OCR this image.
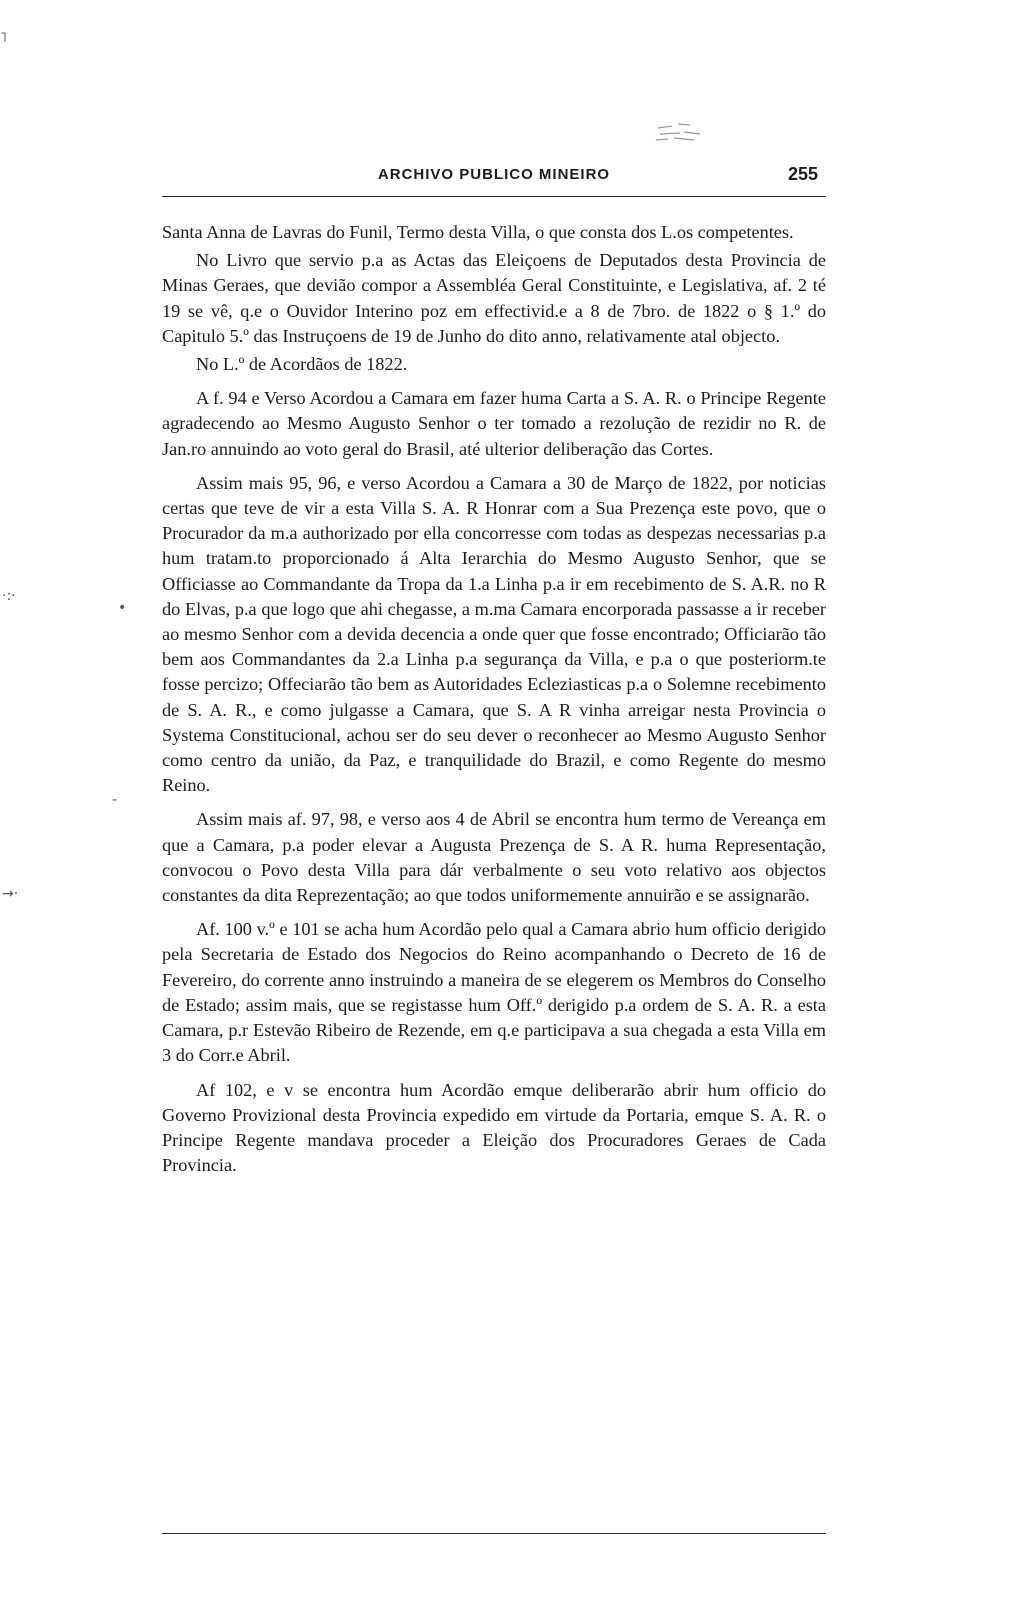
˥
·:·
-
→·
•
ARCHIVO PUBLICO MINEIRO	255

Santa Anna de Lavras do Funil, Termo desta Villa, o que consta dos L.os competentes.

No Livro que servio p.a as Actas das Eleiçoens de Deputados desta Provincia de Minas Geraes, que devião compor a Assembléa Geral Constituinte, e Legislativa, af. 2 té 19 se vê, q.e o Ouvidor Interino poz em effectivid.e a 8 de 7bro. de 1822 o § 1.º do Capitulo 5.º das Instruçoens de 19 de Junho do dito anno, relativamente atal objecto.

No L.º de Acordãos de 1822.

A f. 94 e Verso Acordou a Camara em fazer huma Carta a S. A. R. o Principe Regente agradecendo ao Mesmo Augusto Senhor o ter tomado a rezolução de rezidir no R. de Jan.ro annuindo ao voto geral do Brasil, até ulterior deliberação das Cortes.

Assim mais 95, 96, e verso Acordou a Camara a 30 de Março de 1822, por noticias certas que teve de vir a esta Villa S. A. R Honrar com a Sua Prezença este povo, que o Procurador da m.a authorizado por ella concorresse com todas as despezas necessarias p.a hum tratam.to proporcionado á Alta Ierarchia do Mesmo Augusto Senhor, que se Officiasse ao Commandante da Tropa da 1.a Linha p.a ir em recebimento de S. A.R. no R do Elvas, p.a que logo que ahi chegasse, a m.ma Camara encorporada passasse a ir receber ao mesmo Senhor com a devida decencia a onde quer que fosse encontrado; Officiarão tão bem aos Commandantes da 2.a Linha p.a segurança da Villa, e p.a o que posteriorm.te fosse percizo; Offeciarão tão bem as Autoridades Ecleziasticas p.a o Solemne recebimento de S. A. R., e como julgasse a Camara, que S. A R vinha arreigar nesta Provincia o Systema Constitucional, achou ser do seu dever o reconhecer ao Mesmo Augusto Senhor como centro da união, da Paz, e tranquilidade do Brazil, e como Regente do mesmo Reino.

Assim mais af. 97, 98, e verso aos 4 de Abril se encontra hum termo de Vereança em que a Camara, p.a poder elevar a Augusta Prezença de S. A R. huma Representação, convocou o Povo desta Villa para dár verbalmente o seu voto relativo aos objectos constantes da dita Reprezentação; ao que todos uniformemente annuirão e se assignarão.

Af. 100 v.º e 101 se acha hum Acordão pelo qual a Camara abrio hum officio derigido pela Secretaria de Estado dos Negocios do Reino acompanhando o Decreto de 16 de Fevereiro, do corrente anno instruindo a maneira de se elegerem os Membros do Conselho de Estado; assim mais, que se registasse hum Off.º derigido p.a ordem de S. A. R. a esta Camara, p.r Estevão Ribeiro de Rezende, em q.e participava a sua chegada a esta Villa em 3 do Corr.e Abril.

Af 102, e v se encontra hum Acordão emque deliberarão abrir hum officio do Governo Provizional desta Provincia expedido em virtude da Portaria, emque S. A. R. o Principe Regente mandava proceder a Eleição dos Procuradores Geraes de Cada Provincia.
